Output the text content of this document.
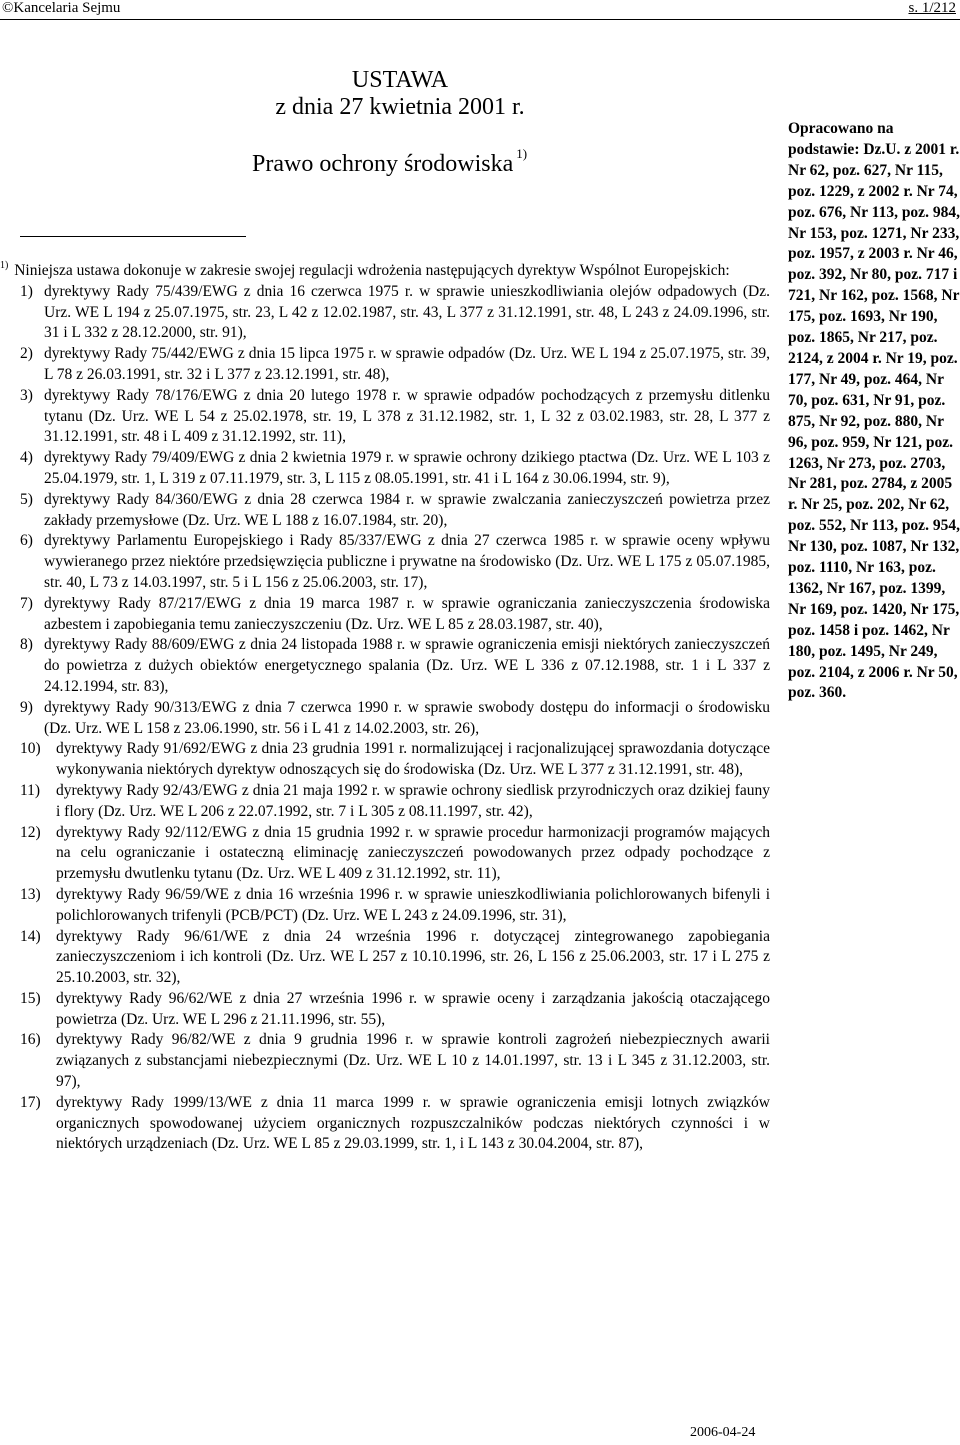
©Kancelaria Sejmu	s. 1/212
USTAWA
z dnia 27 kwietnia 2001 r.
Prawo ochrony środowiska $^{1)}$

$^{1)}$ Niniejsza ustawa dokonuje w zakresie swojej regulacji wdrożenia następujących dyrektyw Wspólnot Europejskich:

1) dyrektywy Rady 75/439/EWG z dnia 16 czerwca 1975 r. w sprawie unieszkodliwiania olejów odpadowych (Dz. Urz. WE L 194 z 25.07.1975, str. 23, L 42 z 12.02.1987, str. 43, L 377 z 31.12.1991, str. 48, L 243 z 24.09.1996, str. 31 i L 332 z 28.12.2000, str. 91),
2) dyrektywy Rady 75/442/EWG z dnia 15 lipca 1975 r. w sprawie odpadów (Dz. Urz. WE L 194 z 25.07.1975, str. 39, L 78 z 26.03.1991, str. 32 i L 377 z 23.12.1991, str. 48),
3) dyrektywy Rady 78/176/EWG z dnia 20 lutego 1978 r. w sprawie odpadów pochodzących z przemysłu ditlenku tytanu (Dz. Urz. WE L 54 z 25.02.1978, str. 19, L 378 z 31.12.1982, str. 1, L 32 z 03.02.1983, str. 28, L 377 z 31.12.1991, str. 48 i L 409 z 31.12.1992, str. 11),
4) dyrektywy Rady 79/409/EWG z dnia 2 kwietnia 1979 r. w sprawie ochrony dzikiego ptactwa (Dz. Urz. WE L 103 z 25.04.1979, str. 1, L 319 z 07.11.1979, str. 3, L 115 z 08.05.1991, str. 41 i L 164 z 30.06.1994, str. 9),
5) dyrektywy Rady 84/360/EWG z dnia 28 czerwca 1984 r. w sprawie zwalczania zanieczyszczeń powietrza przez zakłady przemysłowe (Dz. Urz. WE L 188 z 16.07.1984, str. 20),
6) dyrektywy Parlamentu Europejskiego i Rady 85/337/EWG z dnia 27 czerwca 1985 r. w sprawie oceny wpływu wywieranego przez niektóre przedsięwzięcia publiczne i prywatne na środowisko (Dz. Urz. WE L 175 z 05.07.1985, str. 40, L 73 z 14.03.1997, str. 5 i L 156 z 25.06.2003, str. 17),
7) dyrektywy Rady 87/217/EWG z dnia 19 marca 1987 r. w sprawie ograniczania zanieczyszczenia środowiska azbestem i zapobiegania temu zanieczyszczeniu (Dz. Urz. WE L 85 z 28.03.1987, str. 40),
8) dyrektywy Rady 88/609/EWG z dnia 24 listopada 1988 r. w sprawie ograniczenia emisji niektórych zanieczyszczeń do powietrza z dużych obiektów energetycznego spalania (Dz. Urz. WE L 336 z 07.12.1988, str. 1 i L 337 z 24.12.1994, str. 83),
9) dyrektywy Rady 90/313/EWG z dnia 7 czerwca 1990 r. w sprawie swobody dostępu do informacji o środowisku (Dz. Urz. WE L 158 z 23.06.1990, str. 56 i L 41 z 14.02.2003, str. 26),
10) dyrektywy Rady 91/692/EWG z dnia 23 grudnia 1991 r. normalizującej i racjonalizującej sprawozdania dotyczące wykonywania niektórych dyrektyw odnoszących się do środowiska (Dz. Urz. WE L 377 z 31.12.1991, str. 48),
11)	dyrektywy Rady 92/43/EWG z dnia 21 maja 1992 r. w sprawie ochrony siedlisk przyrodniczych oraz dzikiej fauny i flory (Dz. Urz. WE L 206 z 22.07.1992, str. 7 i L 305 z 08.11.1997, str. 42),
12) dyrektywy Rady 92/112/EWG z dnia 15 grudnia 1992 r. w sprawie procedur harmonizacji programów mających na celu ograniczanie i ostateczną eliminację zanieczyszczeń powodowanych przez odpady pochodzące z przemysłu dwutlenku tytanu (Dz. Urz. WE L 409 z 31.12.1992, str. 11),
13) dyrektywy Rady 96/59/WE z dnia 16 września 1996 r. w sprawie unieszkodliwiania polichlorowanych bifenyli i polichlorowanych trifenyli (PCB/PCT) (Dz. Urz. WE L 243 z 24.09.1996, str. 31),
14) dyrektywy Rady 96/61/WE z dnia 24 września 1996 r. dotyczącej zintegrowanego zapobiegania zanieczyszczeniom i ich kontroli (Dz. Urz. WE L 257 z 10.10.1996, str. 26, L 156 z 25.06.2003, str. 17 i L 275 z 25.10.2003, str. 32),
15) dyrektywy Rady 96/62/WE z dnia 27 września 1996 r. w sprawie oceny i zarządzania jakością otaczającego powietrza (Dz. Urz. WE L 296 z 21.11.1996, str. 55),
16) dyrektywy Rady 96/82/WE z dnia 9 grudnia 1996 r. w sprawie kontroli zagrożeń niebezpiecznych awarii związanych z substancjami niebezpiecznymi (Dz. Urz. WE L 10 z 14.01.1997, str. 13 i L 345 z 31.12.2003, str. 97),
17) dyrektywy Rady 1999/13/WE z dnia 11 marca 1999 r. w sprawie ograniczenia emisji lotnych związków organicznych spowodowanej użyciem organicznych rozpuszczalników podczas niektórych czynności i w niektórych urządzeniach (Dz. Urz. WE L 85 z 29.03.1999, str. 1, i L 143 z 30.04.2004, str. 87),

Opracowano na podstawie: Dz.U. z 2001 r. Nr 62, poz. 627, Nr 115, poz. 1229, z 2002 r. Nr 74, poz. 676, Nr 113, poz. 984, Nr 153, poz. 1271, Nr 233, poz. 1957, z 2003 r. Nr 46, poz. 392, Nr 80, poz. 717 i 721, Nr 162, poz. 1568, Nr 175, poz. 1693, Nr 190, poz. 1865, Nr 217, poz. 2124, z 2004 r. Nr 19, poz. 177, Nr 49, poz. 464, Nr 70, poz. 631, Nr 91, poz. 875, Nr 92, poz. 880, Nr 96, poz. 959, Nr 121, poz. 1263, Nr 273, poz. 2703, Nr 281, poz. 2784, z 2005 r. Nr 25, poz. 202, Nr 62, poz. 552, Nr 113, poz. 954, Nr 130, poz. 1087, Nr 132, poz. 1110, Nr 163, poz. 1362, Nr 167, poz. 1399, Nr 169, poz. 1420, Nr 175, poz. 1458 i poz. 1462, Nr 180, poz. 1495, Nr 249, poz. 2104, z 2006 r. Nr 50, poz. 360.

2006-04-24
